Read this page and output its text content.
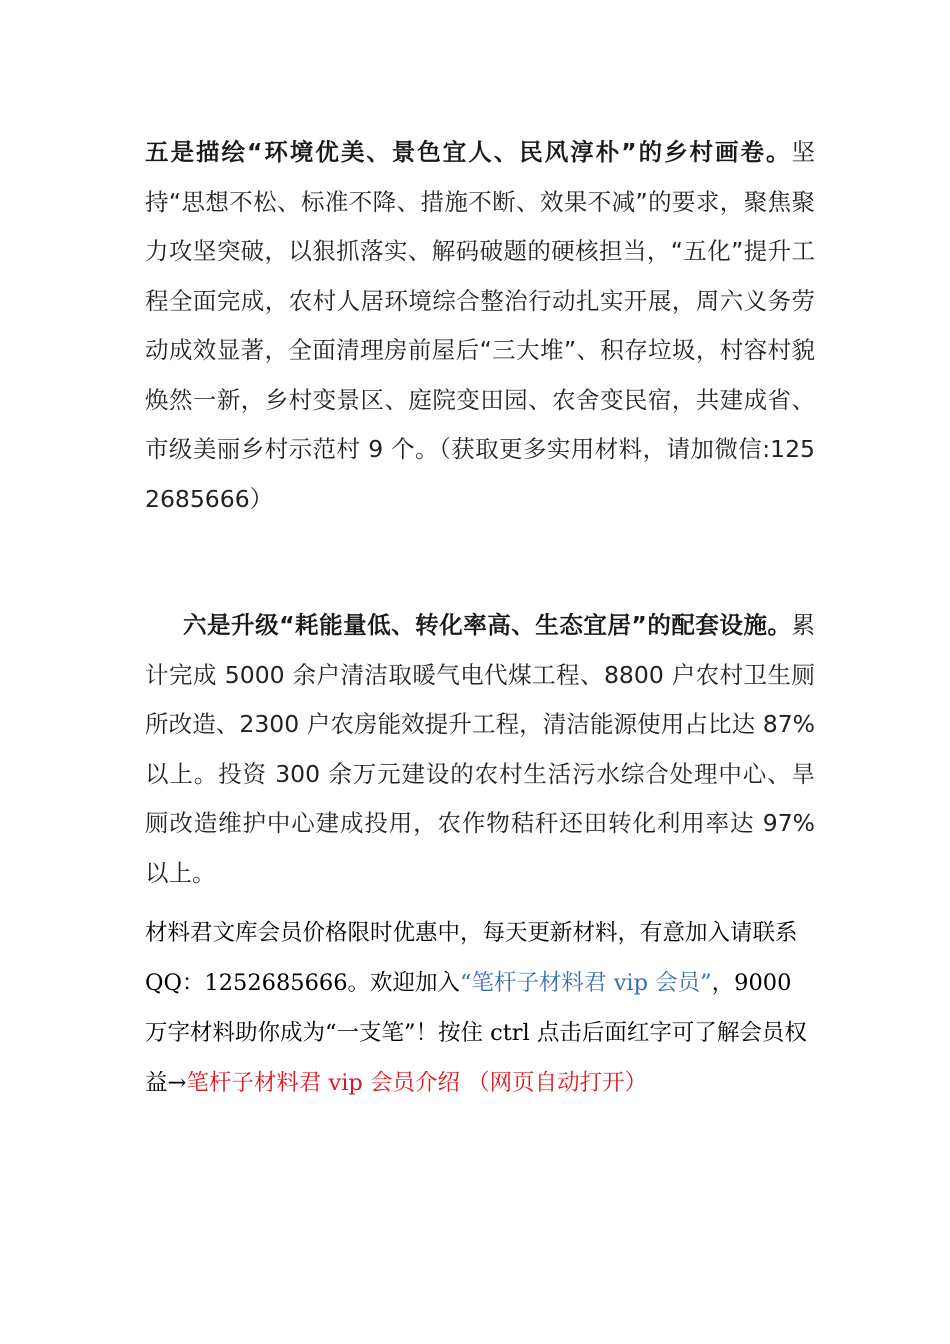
五是描绘“环境优美、景色宜人、民风淳朴”的乡村画卷。坚持“思想不松、标准不降、措施不断、效果不减”的要求，聚焦聚力攻坚突破，以狠抓落实、解码破题的硬核担当，“五化”提升工程全面完成，农村人居环境综合整治行动扎实开展，周六义务劳动成效显著，全面清理房前屋后“三大堆”、积存垃圾，村容村貌焕然一新，乡村变景区、庭院变田园、农舍变民宿，共建成省、市级美丽乡村示范村 9 个。（获取更多实用材料，请加微信:1252685666）

六是升级“耗能量低、转化率高、生态宜居”的配套设施。累计完成 5000 余户清洁取暖气电代煤工程、8800 户农村卫生厕所改造、2300 户农房能效提升工程，清洁能源使用占比达 87%以上。投资 300 余万元建设的农村生活污水综合处理中心、旱厕改造维护中心建成投用，农作物秸秆还田转化利用率达 97%以上。

材料君文库会员价格限时优惠中，每天更新材料，有意加入请联系 QQ：1252685666。欢迎加入“笔杆子材料君 vip 会员”，9000 万字材料助你成为“一支笔”！按住 ctrl 点击后面红字可了解会员权益→笔杆子材料君 vip 会员介绍 （网页自动打开）
